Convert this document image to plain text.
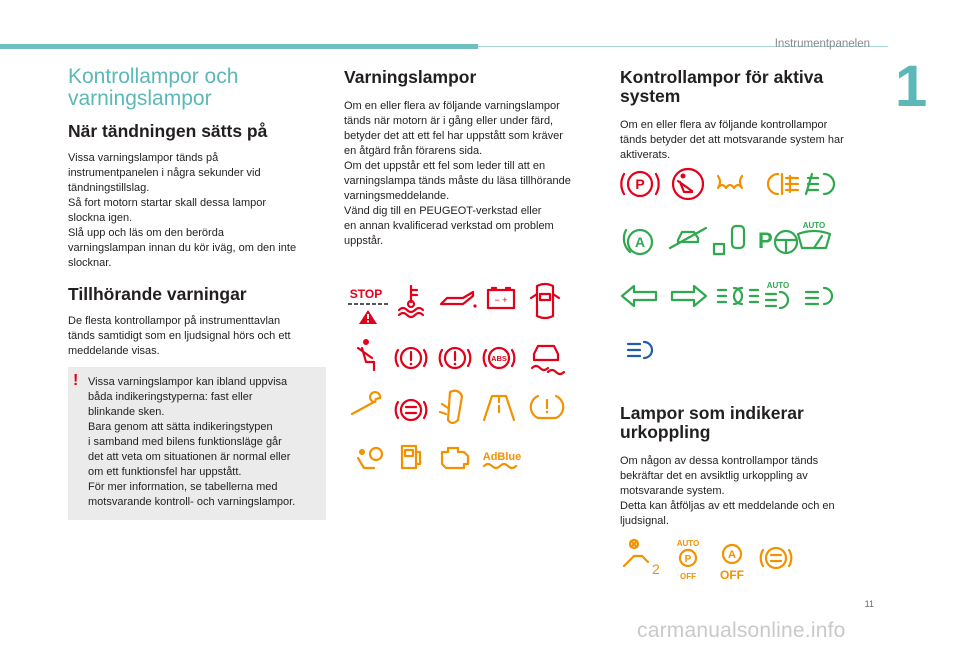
Instrumentpanelen
1
Kontrollampor och
varningslampor
När tändningen sätts på

Vissa varningslampor tänds på
instrumentpanelen i några sekunder vid
tändningstillslag.
Så fort motorn startar skall dessa lampor
slockna igen.
Slå upp och läs om den berörda
varningslampan innan du kör iväg, om den inte
slocknar.

Tillhörande varningar

De flesta kontrollampor på instrumenttavlan
tänds samtidigt som en ljudsignal hörs och ett
meddelande visas.

! Vissa varningslampor kan ibland uppvisa
båda indikeringstyperna: fast eller
blinkande sken.
Bara genom att sätta indikeringstypen
i samband med bilens funktionsläge går
det att veta om situationen är normal eller
om ett funktionsfel har uppstått.
För mer information, se tabellerna med
motsvarande kontroll- och varningslampor.

Varningslampor

Om en eller flera av följande varningslampor
tänds när motorn är i gång eller under färd,
betyder det att ett fel har uppstått som kräver
en åtgärd från förarens sida.
Om det uppstår ett fel som leder till att en
varningslampa tänds måste du läsa tillhörande
varningsmeddelande.
Vänd dig till en PEUGEOT-verkstad eller
en annan kvalificerad verkstad om problem
uppstår.

STOP	− +
ABS
AdBlue
Kontrollampor för aktiva
system

Om en eller flera av följande kontrollampor
tänds betyder det att motsvarande system har
aktiverats.

P
A	P
AUTO
AUTO
Lampor som indikerar
urkoppling

Om någon av dessa kontrollampor tänds
bekräftar det en avsiktlig urkoppling av
motsvarande system.
Detta kan åtföljas av ett meddelande och en
ljudsignal.

2
AUTO
P
OFF
A
OFF
11
carmanualsonline.info
